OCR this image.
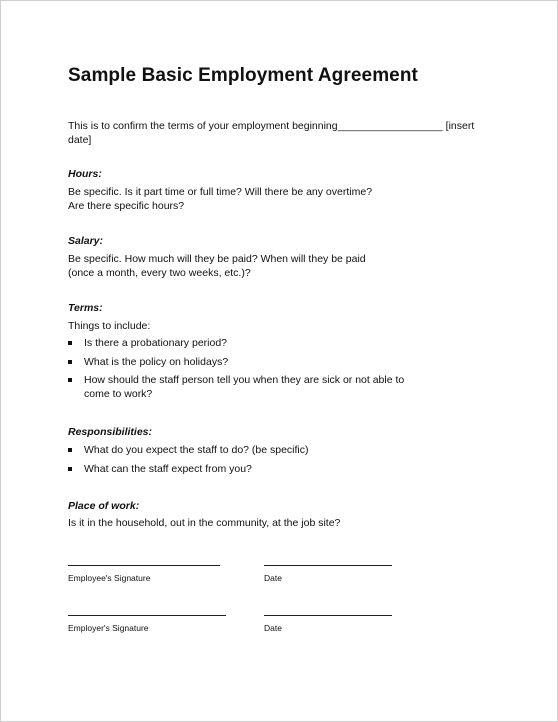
Sample Basic Employment Agreement
This is to confirm the terms of your employment beginning__________________ [insert
date]
Hours:
Be specific. Is it part time or full time? Will there be any overtime?
Are there specific hours?
Salary:
Be specific. How much will they be paid? When will they be paid
(once a month, every two weeks, etc.)?
Terms:
Things to include:
Is there a probationary period?
What is the policy on holidays?
How should the staff person tell you when they are sick or not able to
come to work?
Responsibilities:
What do you expect the staff to do? (be specific)
What can the staff expect from you?
Place of work:
Is it in the household, out in the community, at the job site?
Employee's Signature	Date
Employer's Signature	Date
